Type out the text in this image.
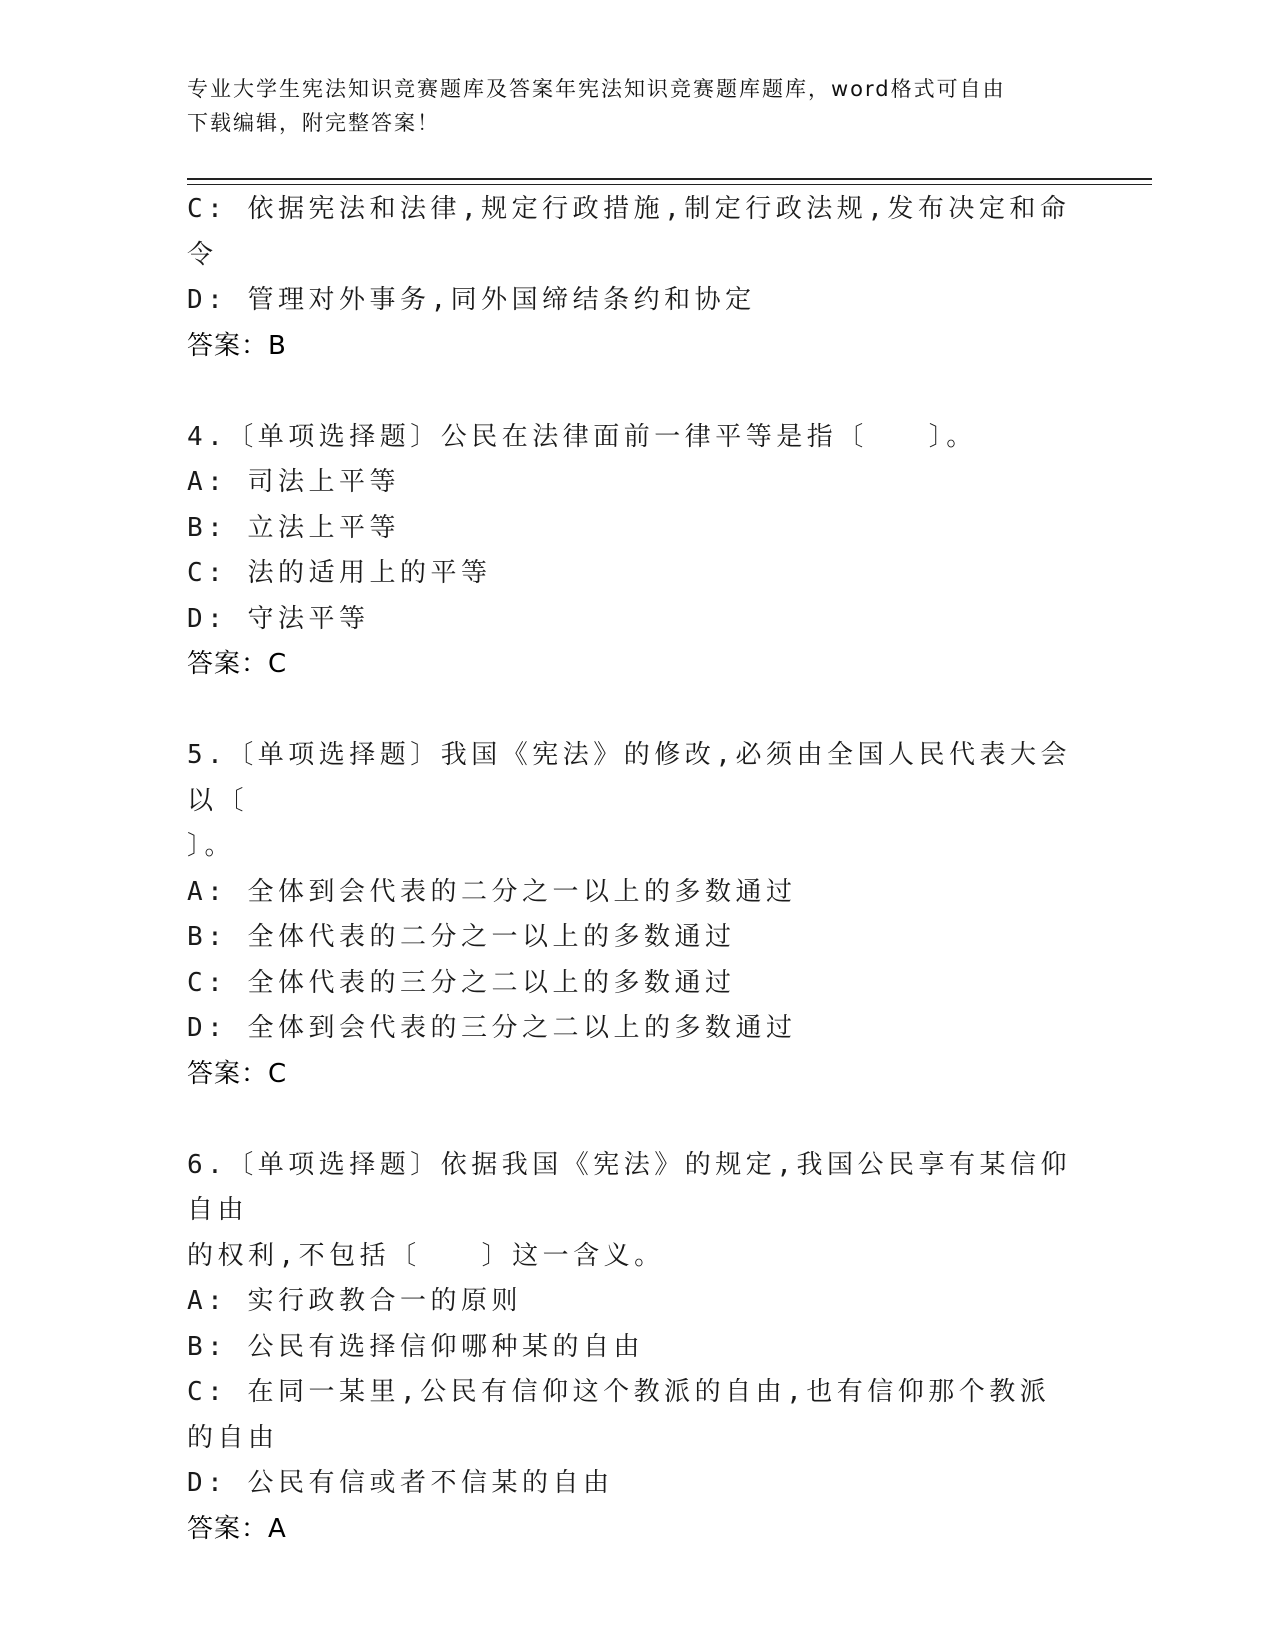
专业大学生宪法知识竞赛题库及答案年宪法知识竞赛题库题库，word格式可自由
下载编辑，附完整答案！
C: 依据宪法和法律,规定行政措施,制定行政法规,发布决定和命令
D: 管理对外事务,同外国缔结条约和协定
答案：B
4.〔单项选择题〕公民在法律面前一律平等是指〔　　〕。
A: 司法上平等
B: 立法上平等
C: 法的适用上的平等
D: 守法平等
答案：C
5.〔单项选择题〕我国《宪法》的修改,必须由全国人民代表大会以〔
〕。
A: 全体到会代表的二分之一以上的多数通过
B: 全体代表的二分之一以上的多数通过
C: 全体代表的三分之二以上的多数通过
D: 全体到会代表的三分之二以上的多数通过
答案：C
6.〔单项选择题〕依据我国《宪法》的规定,我国公民享有某信仰自由
的权利,不包括〔　　〕这一含义。
A: 实行政教合一的原则
B: 公民有选择信仰哪种某的自由
C: 在同一某里,公民有信仰这个教派的自由,也有信仰那个教派的自由
D: 公民有信或者不信某的自由
答案：A
